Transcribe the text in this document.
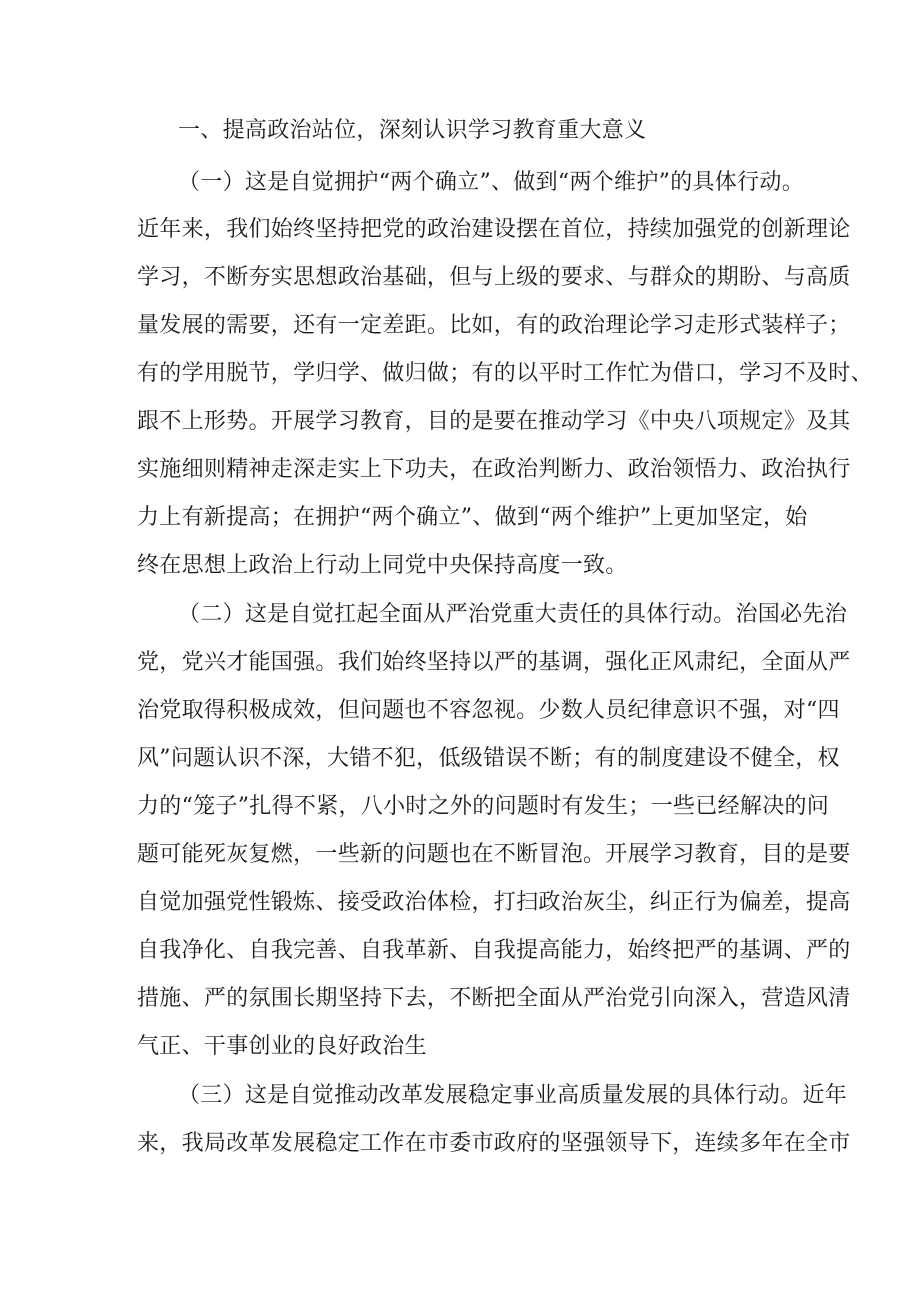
一、提高政治站位，深刻认识学习教育重大意义
（一）这是自觉拥护“两个确立”、做到“两个维护”的具体行动。
近年来，我们始终坚持把党的政治建设摆在首位，持续加强党的创新理论
学习，不断夯实思想政治基础，但与上级的要求、与群众的期盼、与高质
量发展的需要，还有一定差距。比如，有的政治理论学习走形式装样子；
有的学用脱节，学归学、做归做；有的以平时工作忙为借口，学习不及时、
跟不上形势。开展学习教育，目的是要在推动学习《中央八项规定》及其
实施细则精神走深走实上下功夫，在政治判断力、政治领悟力、政治执行
力上有新提高；在拥护“两个确立”、做到“两个维护”上更加坚定，始
终在思想上政治上行动上同党中央保持高度一致。
（二）这是自觉扛起全面从严治党重大责任的具体行动。治国必先治
党，党兴才能国强。我们始终坚持以严的基调，强化正风肃纪，全面从严
治党取得积极成效，但问题也不容忽视。少数人员纪律意识不强，对“四
风”问题认识不深，大错不犯，低级错误不断；有的制度建设不健全，权
力的“笼子”扎得不紧，八小时之外的问题时有发生；一些已经解决的问
题可能死灰复燃，一些新的问题也在不断冒泡。开展学习教育，目的是要
自觉加强党性锻炼、接受政治体检，打扫政治灰尘，纠正行为偏差，提高
自我净化、自我完善、自我革新、自我提高能力，始终把严的基调、严的
措施、严的氛围长期坚持下去，不断把全面从严治党引向深入，营造风清
气正、干事创业的良好政治生
（三）这是自觉推动改革发展稳定事业高质量发展的具体行动。近年
来，我局改革发展稳定工作在市委市政府的坚强领导下，连续多年在全市
